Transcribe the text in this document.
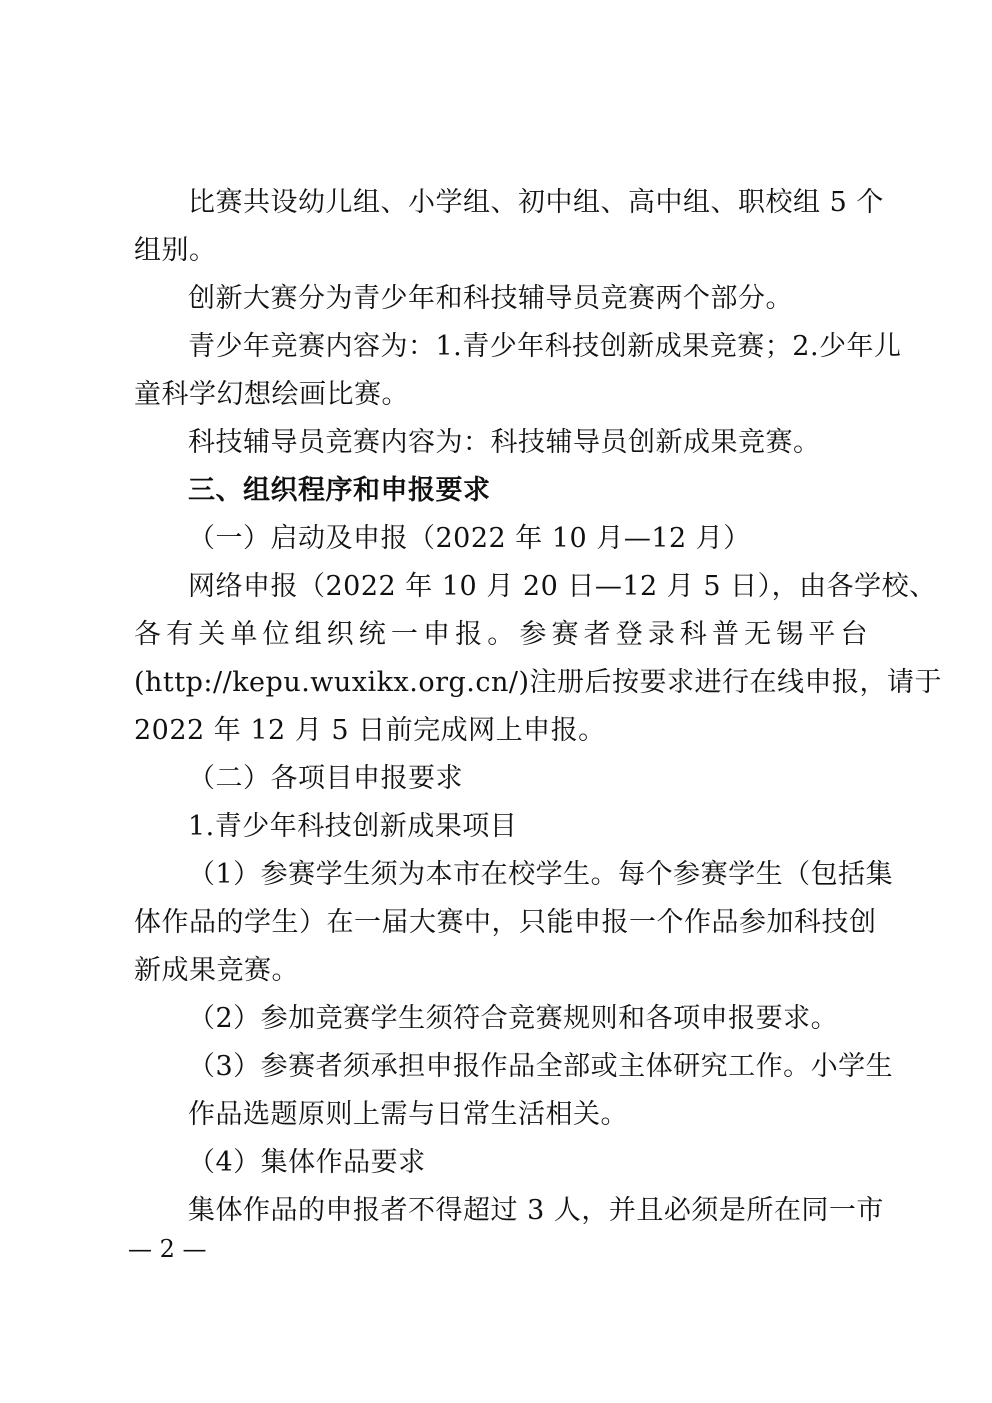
比赛共设幼儿组、小学组、初中组、高中组、职校组 5 个
组别。
创新大赛分为青少年和科技辅导员竞赛两个部分。
青少年竞赛内容为：1.青少年科技创新成果竞赛；2.少年儿
童科学幻想绘画比赛。
科技辅导员竞赛内容为：科技辅导员创新成果竞赛。
三、组织程序和申报要求
（一）启动及申报（2022 年 10 月—12 月）
网络申报（2022 年 10 月 20 日—12 月 5 日），由各学校、
各有关单位组织统一申报。参赛者登录科普无锡平台
(http://kepu.wuxikx.org.cn/)注册后按要求进行在线申报，请于
2022 年 12 月 5 日前完成网上申报。
（二）各项目申报要求
1.青少年科技创新成果项目
（1）参赛学生须为本市在校学生。每个参赛学生（包括集
体作品的学生）在一届大赛中，只能申报一个作品参加科技创
新成果竞赛。
（2）参加竞赛学生须符合竞赛规则和各项申报要求。
（3）参赛者须承担申报作品全部或主体研究工作。小学生
作品选题原则上需与日常生活相关。
（4）集体作品要求
集体作品的申报者不得超过 3 人，并且必须是所在同一市
— 2 —
